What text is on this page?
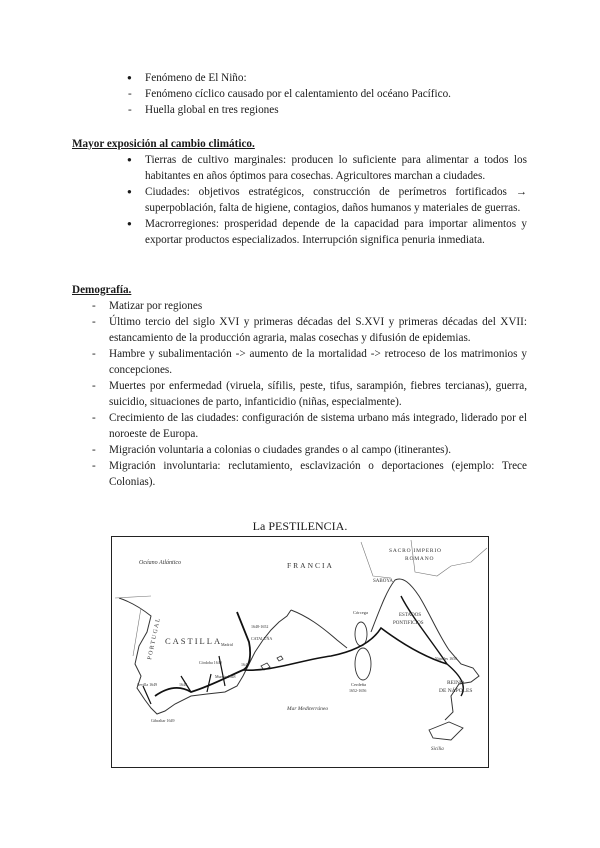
● Fenómeno de El Niño:
- Fenómeno cíclico causado por el calentamiento del océano Pacífico.
- Huella global en tres regiones

Mayor exposición al cambio climático.

● Tierras de cultivo marginales: producen lo suficiente para alimentar a todos los habitantes en años óptimos para cosechas. Agricultores marchan a ciudades.
● Ciudades: objetivos estratégicos, construcción de perímetros fortificados → superpoblación, falta de higiene, contagios, daños humanos y materiales de guerras.
● Macrorregiones: prosperidad depende de la capacidad para importar alimentos y exportar productos especializados. Interrupción significa penuria inmediata.

Demografía.

- Matizar por regiones
- Último tercio del siglo XVI y primeras décadas del S.XVI y primeras décadas del XVII: estancamiento de la producción agraria, malas cosechas y difusión de epidemias.
- Hambre y subalimentación -> aumento de la mortalidad -> retroceso de los matrimonios y concepciones.
- Muertes por enfermedad (viruela, sífilis, peste, tifus, sarampión, fiebres tercianas), guerra, suicidio, situaciones de parto, infanticidio (niñas, especialmente).
- Crecimiento de las ciudades: configuración de sistema urbano más integrado, liderado por el noroeste de Europa.
- Migración voluntaria a colonias o ciudades grandes o al campo (itinerantes).
- Migración involuntaria: reclutamiento, esclavización o deportaciones (ejemplo: Trece Colonias).
La PESTILENCIA.
Océano Atlántico	FRANCIA
SACRO IMPERIO
ROMANO
SABOYA
ESTADOS
PONTIFICIOS
CASTILLA
PORTUGAL
REINO
DE NÁPOLES
Mar Mediterráneo
Sicilia
Cerdeña
1652-1656
Córcega
Nápoles 1656
1647
Murcia 1648
Córdoba 1649
Sevilla 1649	1648
Gibraltar 1649
1648-1652
CATALUÑA
Madrid
